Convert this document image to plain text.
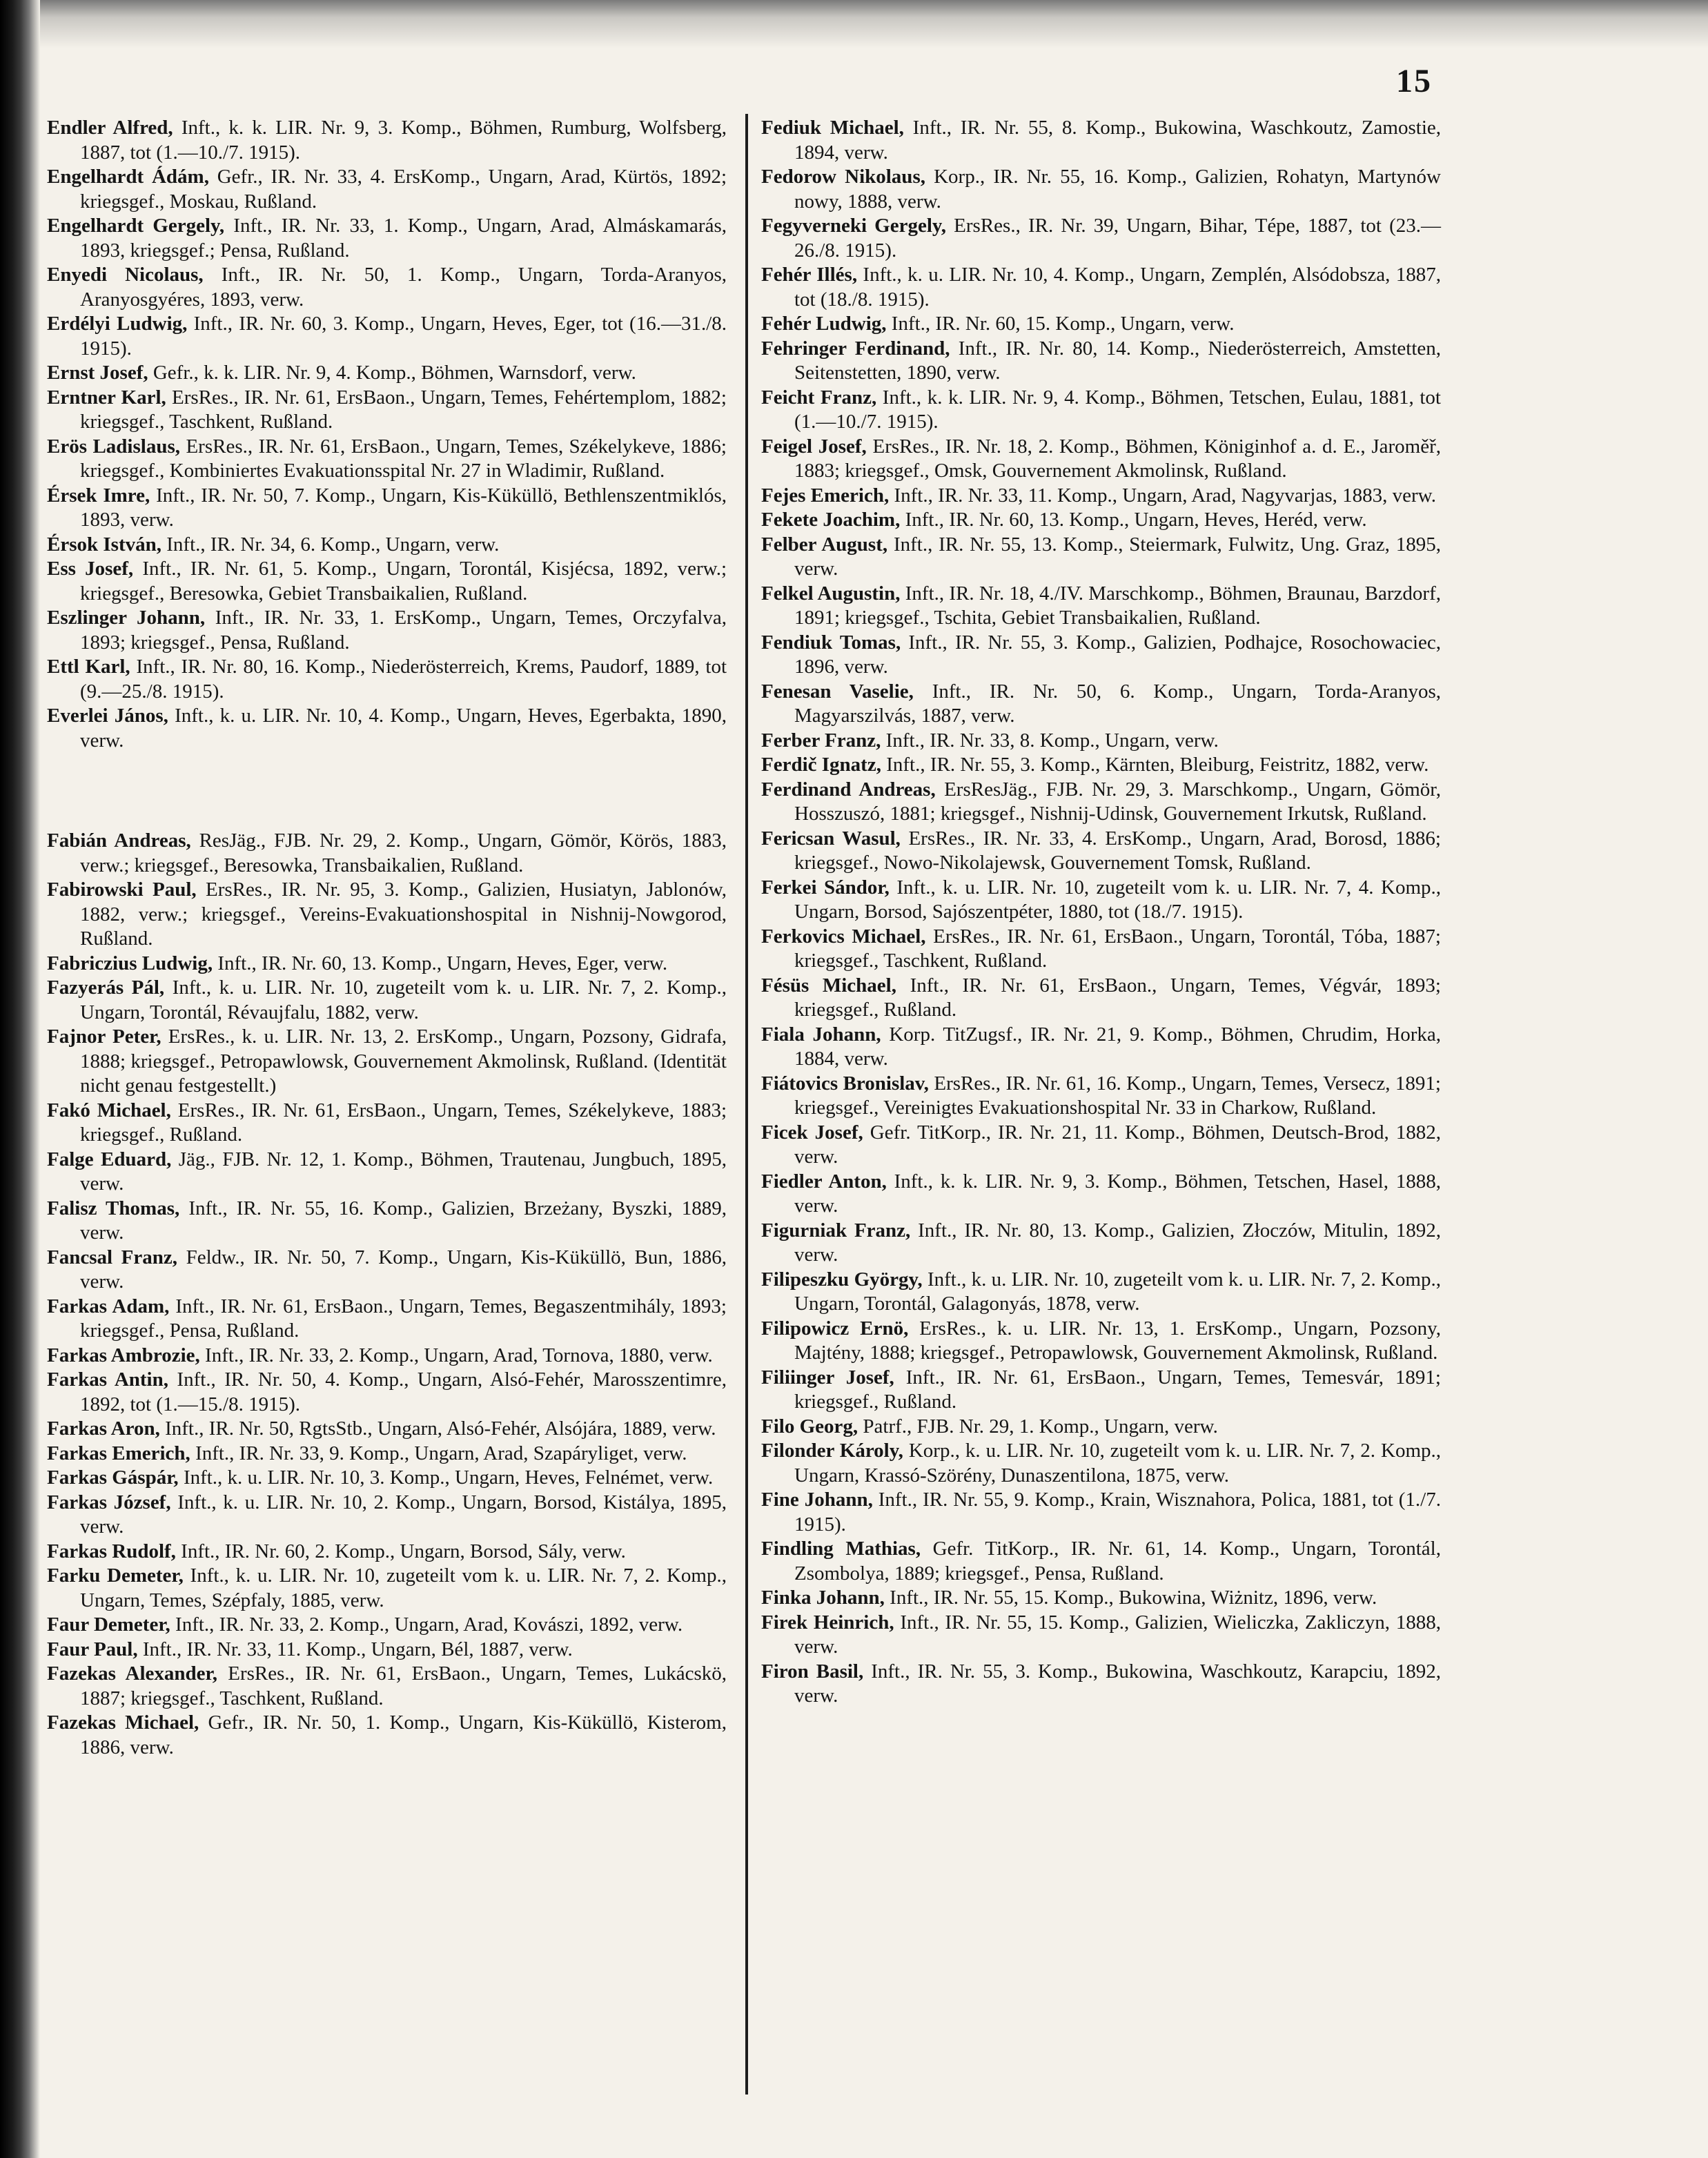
15
Endler Alfred, Inft., k. k. LIR. Nr. 9, 3. Komp., Böhmen, Rumburg, Wolfsberg, 1887, tot (1.—10./7. 1915).
Engelhardt Ádám, Gefr., IR. Nr. 33, 4. ErsKomp., Ungarn, Arad, Kürtös, 1892; kriegsgef., Moskau, Rußland.
Engelhardt Gergely, Inft., IR. Nr. 33, 1. Komp., Ungarn, Arad, Almáskamarás, 1893, kriegsgef.; Pensa, Rußland.
Enyedi Nicolaus, Inft., IR. Nr. 50, 1. Komp., Ungarn, Torda-Aranyos, Aranyosgyéres, 1893, verw.
Erdélyi Ludwig, Inft., IR. Nr. 60, 3. Komp., Ungarn, Heves, Eger, tot (16.—31./8. 1915).
Ernst Josef, Gefr., k. k. LIR. Nr. 9, 4. Komp., Böhmen, Warnsdorf, verw.
Erntner Karl, ErsRes., IR. Nr. 61, ErsBaon., Ungarn, Temes, Fehértemplom, 1882; kriegsgef., Taschkent, Rußland.
Erös Ladislaus, ErsRes., IR. Nr. 61, ErsBaon., Ungarn, Temes, Székelykeve, 1886; kriegsgef., Kombiniertes Evakuationsspital Nr. 27 in Wladimir, Rußland.
Érsek Imre, Inft., IR. Nr. 50, 7. Komp., Ungarn, Kis-Küküllö, Bethlenszentmiklós, 1893, verw.
Érsok István, Inft., IR. Nr. 34, 6. Komp., Ungarn, verw.
Ess Josef, Inft., IR. Nr. 61, 5. Komp., Ungarn, Torontál, Kisjécsa, 1892, verw.; kriegsgef., Beresowka, Gebiet Transbaikalien, Rußland.
Eszlinger Johann, Inft., IR. Nr. 33, 1. ErsKomp., Ungarn, Temes, Orczyfalva, 1893; kriegsgef., Pensa, Rußland.
Ettl Karl, Inft., IR. Nr. 80, 16. Komp., Niederösterreich, Krems, Paudorf, 1889, tot (9.—25./8. 1915).
Everlei János, Inft., k. u. LIR. Nr. 10, 4. Komp., Ungarn, Heves, Egerbakta, 1890, verw.
Fabián Andreas, ResJäg., FJB. Nr. 29, 2. Komp., Ungarn, Gömör, Körös, 1883, verw.; kriegsgef., Beresowka, Transbaikalien, Rußland.
Fabirowski Paul, ErsRes., IR. Nr. 95, 3. Komp., Galizien, Husiatyn, Jablonów, 1882, verw.; kriegsgef., Vereins-Evakuationshospital in Nishnij-Nowgorod, Rußland.
Fabriczius Ludwig, Inft., IR. Nr. 60, 13. Komp., Ungarn, Heves, Eger, verw.
Fazyerás Pál, Inft., k. u. LIR. Nr. 10, zugeteilt vom k. u. LIR. Nr. 7, 2. Komp., Ungarn, Torontál, Révaujfalu, 1882, verw.
Fajnor Peter, ErsRes., k. u. LIR. Nr. 13, 2. ErsKomp., Ungarn, Pozsony, Gidrafa, 1888; kriegsgef., Petropawlowsk, Gouvernement Akmolinsk, Rußland. (Identität nicht genau festgestellt.)
Fakó Michael, ErsRes., IR. Nr. 61, ErsBaon., Ungarn, Temes, Székelykeve, 1883; kriegsgef., Rußland.
Falge Eduard, Jäg., FJB. Nr. 12, 1. Komp., Böhmen, Trautenau, Jungbuch, 1895, verw.
Falisz Thomas, Inft., IR. Nr. 55, 16. Komp., Galizien, Brzeżany, Byszki, 1889, verw.
Fancsal Franz, Feldw., IR. Nr. 50, 7. Komp., Ungarn, Kis-Küküllö, Bun, 1886, verw.
Farkas Adam, Inft., IR. Nr. 61, ErsBaon., Ungarn, Temes, Begaszentmihály, 1893; kriegsgef., Pensa, Rußland.
Farkas Ambrozie, Inft., IR. Nr. 33, 2. Komp., Ungarn, Arad, Tornova, 1880, verw.
Farkas Antin, Inft., IR. Nr. 50, 4. Komp., Ungarn, Alsó-Fehér, Marosszentimre, 1892, tot (1.—15./8. 1915).
Farkas Aron, Inft., IR. Nr. 50, RgtsStb., Ungarn, Alsó-Fehér, Alsójára, 1889, verw.
Farkas Emerich, Inft., IR. Nr. 33, 9. Komp., Ungarn, Arad, Szapáryliget, verw.
Farkas Gáspár, Inft., k. u. LIR. Nr. 10, 3. Komp., Ungarn, Heves, Felnémet, verw.
Farkas József, Inft., k. u. LIR. Nr. 10, 2. Komp., Ungarn, Borsod, Kistálya, 1895, verw.
Farkas Rudolf, Inft., IR. Nr. 60, 2. Komp., Ungarn, Borsod, Sály, verw.
Farku Demeter, Inft., k. u. LIR. Nr. 10, zugeteilt vom k. u. LIR. Nr. 7, 2. Komp., Ungarn, Temes, Szépfaly, 1885, verw.
Faur Demeter, Inft., IR. Nr. 33, 2. Komp., Ungarn, Arad, Kovászi, 1892, verw.
Faur Paul, Inft., IR. Nr. 33, 11. Komp., Ungarn, Bél, 1887, verw.
Fazekas Alexander, ErsRes., IR. Nr. 61, ErsBaon., Ungarn, Temes, Lukácskö, 1887; kriegsgef., Taschkent, Rußland.
Fazekas Michael, Gefr., IR. Nr. 50, 1. Komp., Ungarn, Kis-Küküllö, Kisterom, 1886, verw.
Fediuk Michael, Inft., IR. Nr. 55, 8. Komp., Bukowina, Waschkoutz, Zamostie, 1894, verw.
Fedorow Nikolaus, Korp., IR. Nr. 55, 16. Komp., Galizien, Rohatyn, Martynów nowy, 1888, verw.
Fegyverneki Gergely, ErsRes., IR. Nr. 39, Ungarn, Bihar, Tépe, 1887, tot (23.—26./8. 1915).
Fehér Illés, Inft., k. u. LIR. Nr. 10, 4. Komp., Ungarn, Zemplén, Alsódobsza, 1887, tot (18./8. 1915).
Fehér Ludwig, Inft., IR. Nr. 60, 15. Komp., Ungarn, verw.
Fehringer Ferdinand, Inft., IR. Nr. 80, 14. Komp., Niederösterreich, Amstetten, Seitenstetten, 1890, verw.
Feicht Franz, Inft., k. k. LIR. Nr. 9, 4. Komp., Böhmen, Tetschen, Eulau, 1881, tot (1.—10./7. 1915).
Feigel Josef, ErsRes., IR. Nr. 18, 2. Komp., Böhmen, Königinhof a. d. E., Jaroměř, 1883; kriegsgef., Omsk, Gouvernement Akmolinsk, Rußland.
Fejes Emerich, Inft., IR. Nr. 33, 11. Komp., Ungarn, Arad, Nagyvarjas, 1883, verw.
Fekete Joachim, Inft., IR. Nr. 60, 13. Komp., Ungarn, Heves, Heréd, verw.
Felber August, Inft., IR. Nr. 55, 13. Komp., Steiermark, Fulwitz, Ung. Graz, 1895, verw.
Felkel Augustin, Inft., IR. Nr. 18, 4./IV. Marschkomp., Böhmen, Braunau, Barzdorf, 1891; kriegsgef., Tschita, Gebiet Transbaikalien, Rußland.
Fendiuk Tomas, Inft., IR. Nr. 55, 3. Komp., Galizien, Podhajce, Rosochowaciec, 1896, verw.
Fenesan Vaselie, Inft., IR. Nr. 50, 6. Komp., Ungarn, Torda-Aranyos, Magyarszilvás, 1887, verw.
Ferber Franz, Inft., IR. Nr. 33, 8. Komp., Ungarn, verw.
Ferdič Ignatz, Inft., IR. Nr. 55, 3. Komp., Kärnten, Bleiburg, Feistritz, 1882, verw.
Ferdinand Andreas, ErsResJäg., FJB. Nr. 29, 3. Marschkomp., Ungarn, Gömör, Hosszuszó, 1881; kriegsgef., Nishnij-Udinsk, Gouvernement Irkutsk, Rußland.
Fericsan Wasul, ErsRes., IR. Nr. 33, 4. ErsKomp., Ungarn, Arad, Borosd, 1886; kriegsgef., Nowo-Nikolajewsk, Gouvernement Tomsk, Rußland.
Ferkei Sándor, Inft., k. u. LIR. Nr. 10, zugeteilt vom k. u. LIR. Nr. 7, 4. Komp., Ungarn, Borsod, Sajószentpéter, 1880, tot (18./7. 1915).
Ferkovics Michael, ErsRes., IR. Nr. 61, ErsBaon., Ungarn, Torontál, Tóba, 1887; kriegsgef., Taschkent, Rußland.
Fésüs Michael, Inft., IR. Nr. 61, ErsBaon., Ungarn, Temes, Végvár, 1893; kriegsgef., Rußland.
Fiala Johann, Korp. TitZugsf., IR. Nr. 21, 9. Komp., Böhmen, Chrudim, Horka, 1884, verw.
Fiátovics Bronislav, ErsRes., IR. Nr. 61, 16. Komp., Ungarn, Temes, Versecz, 1891; kriegsgef., Vereinigtes Evakuationshospital Nr. 33 in Charkow, Rußland.
Ficek Josef, Gefr. TitKorp., IR. Nr. 21, 11. Komp., Böhmen, Deutsch-Brod, 1882, verw.
Fiedler Anton, Inft., k. k. LIR. Nr. 9, 3. Komp., Böhmen, Tetschen, Hasel, 1888, verw.
Figurniak Franz, Inft., IR. Nr. 80, 13. Komp., Galizien, Złoczów, Mitulin, 1892, verw.
Filipeszku György, Inft., k. u. LIR. Nr. 10, zugeteilt vom k. u. LIR. Nr. 7, 2. Komp., Ungarn, Torontál, Galagonyás, 1878, verw.
Filipowicz Ernö, ErsRes., k. u. LIR. Nr. 13, 1. ErsKomp., Ungarn, Pozsony, Majtény, 1888; kriegsgef., Petropawlowsk, Gouvernement Akmolinsk, Rußland.
Filiinger Josef, Inft., IR. Nr. 61, ErsBaon., Ungarn, Temes, Temesvár, 1891; kriegsgef., Rußland.
Filo Georg, Patrf., FJB. Nr. 29, 1. Komp., Ungarn, verw.
Filonder Károly, Korp., k. u. LIR. Nr. 10, zugeteilt vom k. u. LIR. Nr. 7, 2. Komp., Ungarn, Krassó-Szörény, Dunaszentilona, 1875, verw.
Fine Johann, Inft., IR. Nr. 55, 9. Komp., Krain, Wisznahora, Polica, 1881, tot (1./7. 1915).
Findling Mathias, Gefr. TitKorp., IR. Nr. 61, 14. Komp., Ungarn, Torontál, Zsombolya, 1889; kriegsgef., Pensa, Rußland.
Finka Johann, Inft., IR. Nr. 55, 15. Komp., Bukowina, Wiżnitz, 1896, verw.
Firek Heinrich, Inft., IR. Nr. 55, 15. Komp., Galizien, Wieliczka, Zakliczyn, 1888, verw.
Firon Basil, Inft., IR. Nr. 55, 3. Komp., Bukowina, Waschkoutz, Karapciu, 1892, verw.
